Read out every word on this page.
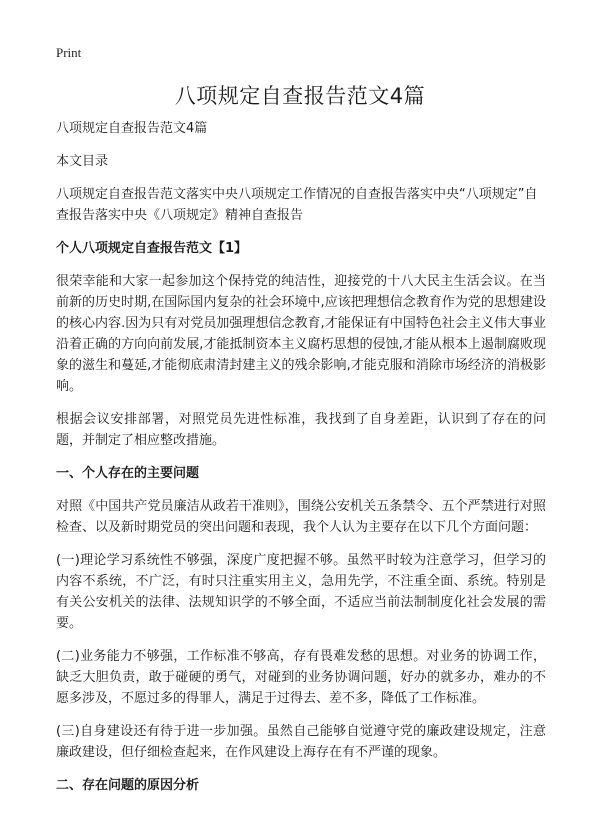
Print
八项规定自查报告范文4篇

八项规定自查报告范文4篇

本文目录

八项规定自查报告范文落实中央八项规定工作情况的自查报告落实中央“八项规定”自查报告落实中央《八项规定》精神自查报告

个人八项规定自查报告范文【1】

很荣幸能和大家一起参加这个保持党的纯洁性，迎接党的十八大民主生活会议。在当前新的历史时期,在国际国内复杂的社会环境中,应该把理想信念教育作为党的思想建设的核心内容.因为只有对党员加强理想信念教育,才能保证有中国特色社会主义伟大事业沿着正确的方向向前发展,才能抵制资本主义腐朽思想的侵蚀,才能从根本上遏制腐败现象的滋生和蔓延,才能彻底肃清封建主义的残余影响,才能克服和消除市场经济的消极影响。

根据会议安排部署，对照党员先进性标准，我找到了自身差距，认识到了存在的问题，并制定了相应整改措施。

一、个人存在的主要问题

对照《中国共产党员廉洁从政若干准则》，围绕公安机关五条禁令、五个严禁进行对照检查、以及新时期党员的突出问题和表现，我个人认为主要存在以下几个方面问题：

(一)理论学习系统性不够强，深度广度把握不够。虽然平时较为注意学习，但学习的内容不系统，不广泛，有时只注重实用主义，急用先学，不注重全面、系统。特别是有关公安机关的法律、法规知识学的不够全面，不适应当前法制制度化社会发展的需要。

(二)业务能力不够强，工作标准不够高，存有畏难发愁的思想。对业务的协调工作，缺乏大胆负责，敢于碰硬的勇气，对碰到的业务协调问题，好办的就多办，难办的不愿多涉及，不愿过多的得罪人，满足于过得去、差不多，降低了工作标准。

(三)自身建设还有待于进一步加强。虽然自己能够自觉遵守党的廉政建设规定，注意廉政建设，但仔细检查起来，在作风建设上海存在有不严谨的现象。

二、存在问题的原因分析
